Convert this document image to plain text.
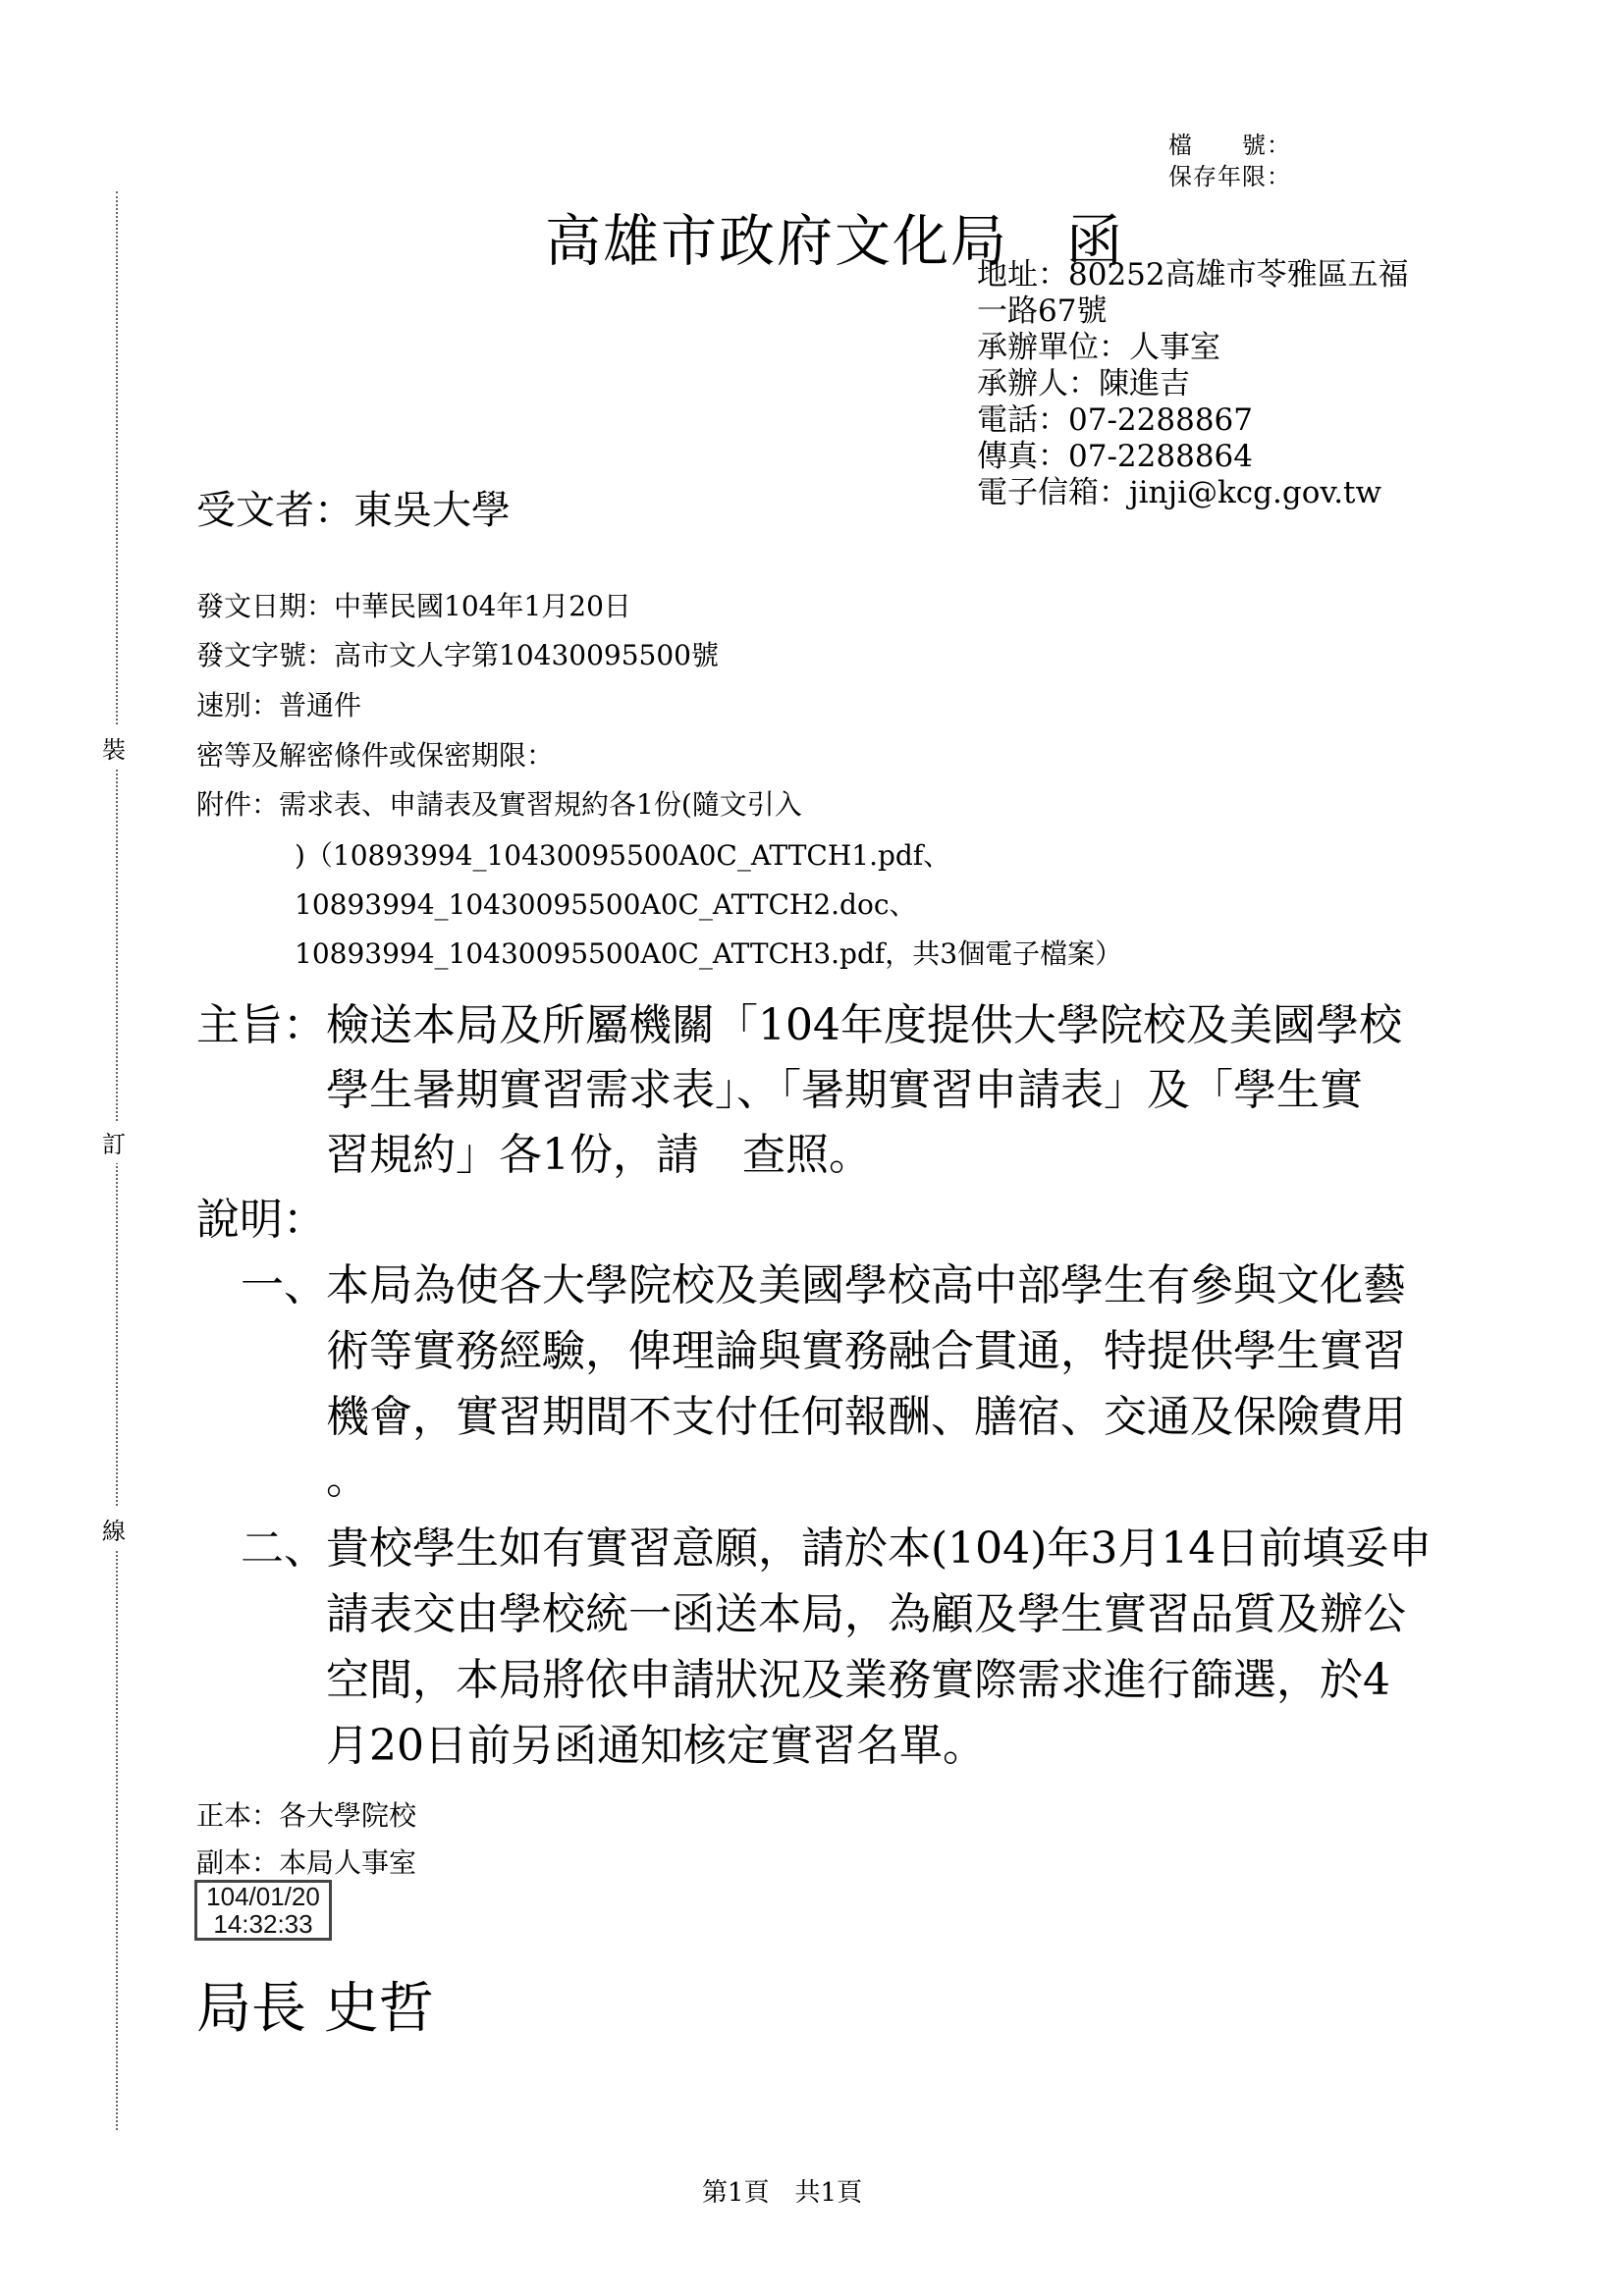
檔　　號：
保存年限：
裝
訂
線
高雄市政府文化局　函
地址：80252高雄市苓雅區五福
一路67號
承辦單位：人事室
承辦人：陳進吉
電話：07-2288867
傳真：07-2288864
電子信箱：jinji@kcg.gov.tw
受文者：東吳大學
發文日期：中華民國104年1月20日
發文字號：高市文人字第10430095500號
速別：普通件
密等及解密條件或保密期限：
附件：需求表、申請表及實習規約各1份(隨文引入
)（10893994_10430095500A0C_ATTCH1.pdf、
10893994_10430095500A0C_ATTCH2.doc、
10893994_10430095500A0C_ATTCH3.pdf，共3個電子檔案）
主旨：檢送本局及所屬機關「104年度提供大學院校及美國學校
學生暑期實習需求表」、「暑期實習申請表」及「學生實
習規約」各1份，請　查照。
說明：
一、 本局為使各大學院校及美國學校高中部學生有參與文化藝
術等實務經驗，俾理論與實務融合貫通，特提供學生實習
機會，實習期間不支付任何報酬、膳宿、交通及保險費用
。
二、 貴校學生如有實習意願，請於本(104)年3月14日前填妥申
請表交由學校統一函送本局，為顧及學生實習品質及辦公
空間，本局將依申請狀況及業務實際需求進行篩選，於4
月20日前另函通知核定實習名單。
正本：各大學院校
副本：本局人事室
104/01/20
14:32:33
局長 史哲
第1頁　共1頁
